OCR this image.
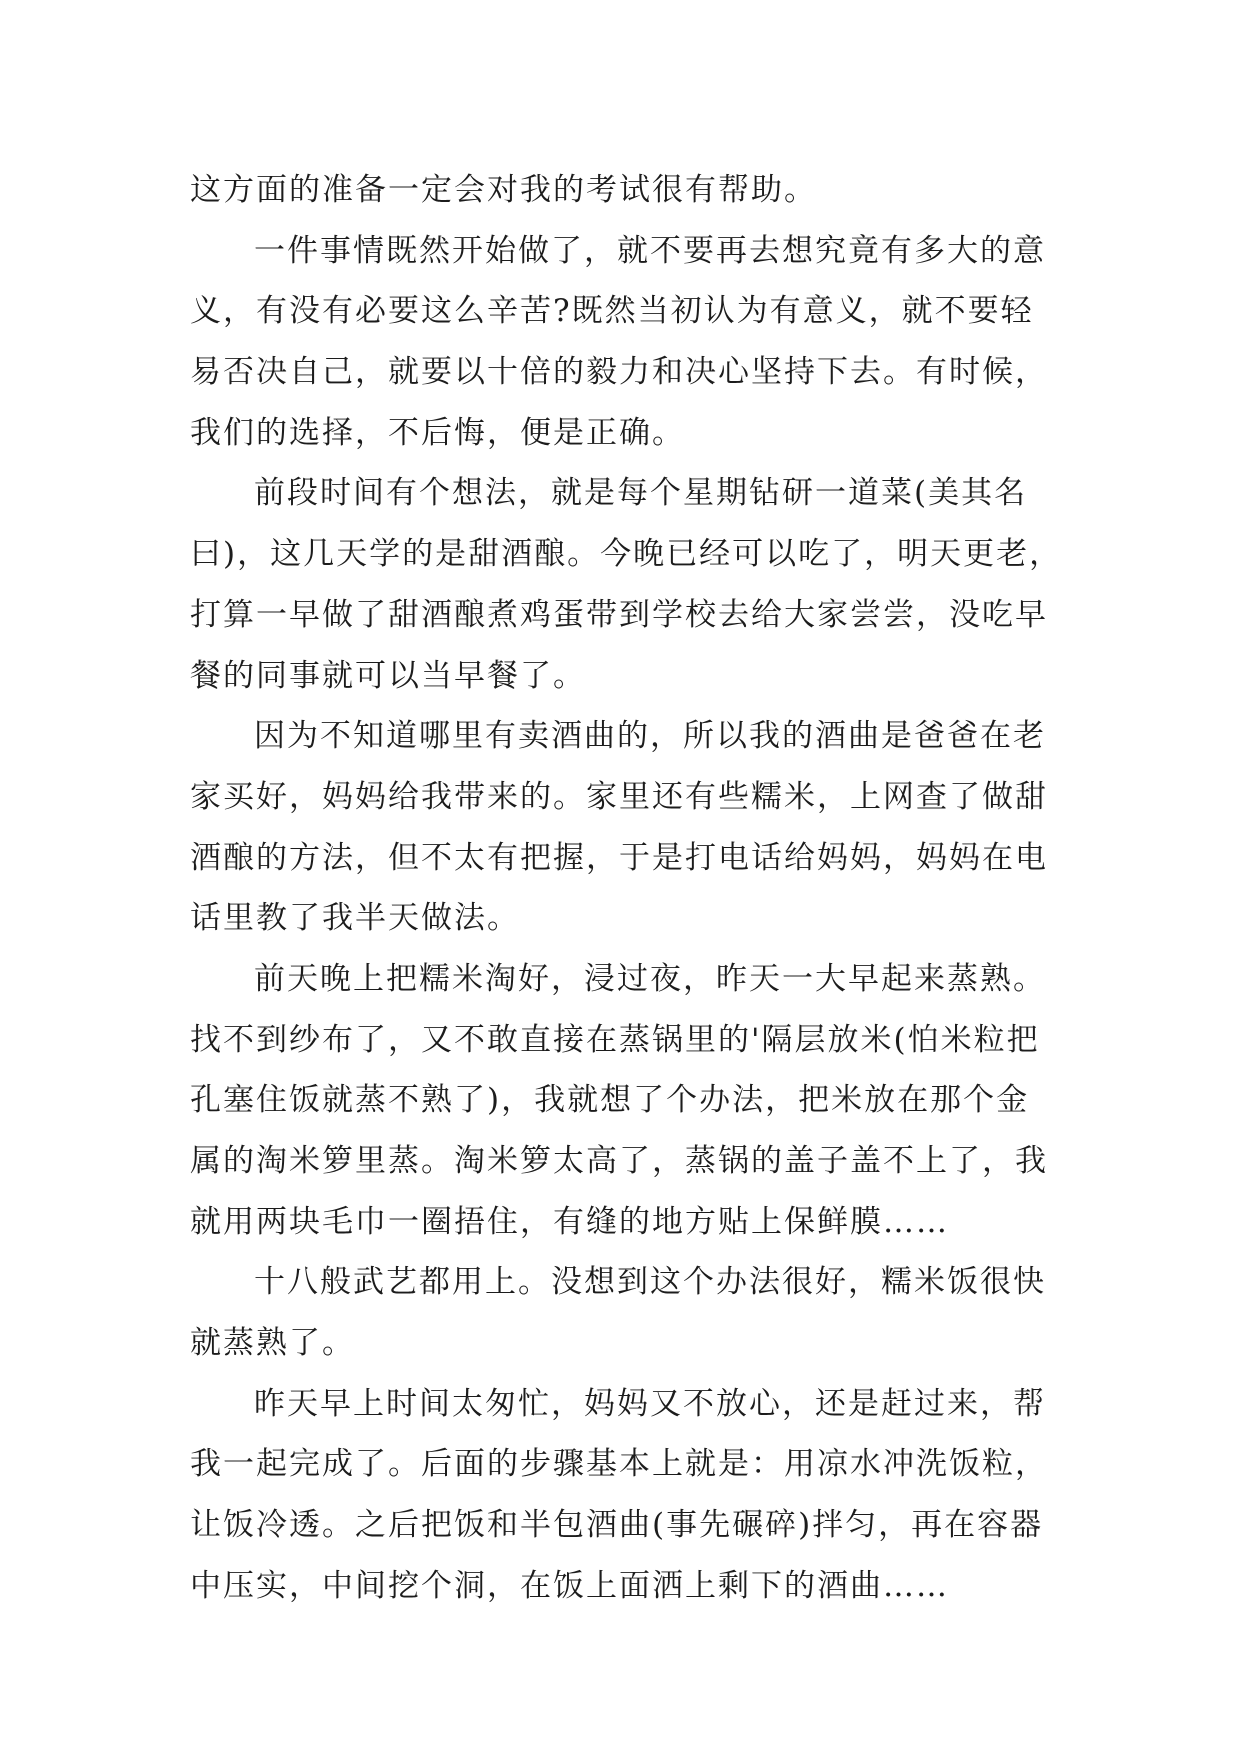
这方面的准备一定会对我的考试很有帮助。
一件事情既然开始做了，就不要再去想究竟有多大的意
义，有没有必要这么辛苦?既然当初认为有意义，就不要轻
易否决自己，就要以十倍的毅力和决心坚持下去。有时候，
我们的选择，不后悔，便是正确。
前段时间有个想法，就是每个星期钻研一道菜(美其名
曰)，这几天学的是甜酒酿。今晚已经可以吃了，明天更老，
打算一早做了甜酒酿煮鸡蛋带到学校去给大家尝尝，没吃早
餐的同事就可以当早餐了。
因为不知道哪里有卖酒曲的，所以我的酒曲是爸爸在老
家买好，妈妈给我带来的。家里还有些糯米，上网查了做甜
酒酿的方法，但不太有把握，于是打电话给妈妈，妈妈在电
话里教了我半天做法。
前天晚上把糯米淘好，浸过夜，昨天一大早起来蒸熟。
找不到纱布了，又不敢直接在蒸锅里的'隔层放米(怕米粒把
孔塞住饭就蒸不熟了)，我就想了个办法，把米放在那个金
属的淘米箩里蒸。淘米箩太高了，蒸锅的盖子盖不上了，我
就用两块毛巾一圈捂住，有缝的地方贴上保鲜膜……
十八般武艺都用上。没想到这个办法很好，糯米饭很快
就蒸熟了。
昨天早上时间太匆忙，妈妈又不放心，还是赶过来，帮
我一起完成了。后面的步骤基本上就是：用凉水冲洗饭粒，
让饭冷透。之后把饭和半包酒曲(事先碾碎)拌匀，再在容器
中压实，中间挖个洞，在饭上面洒上剩下的酒曲……
